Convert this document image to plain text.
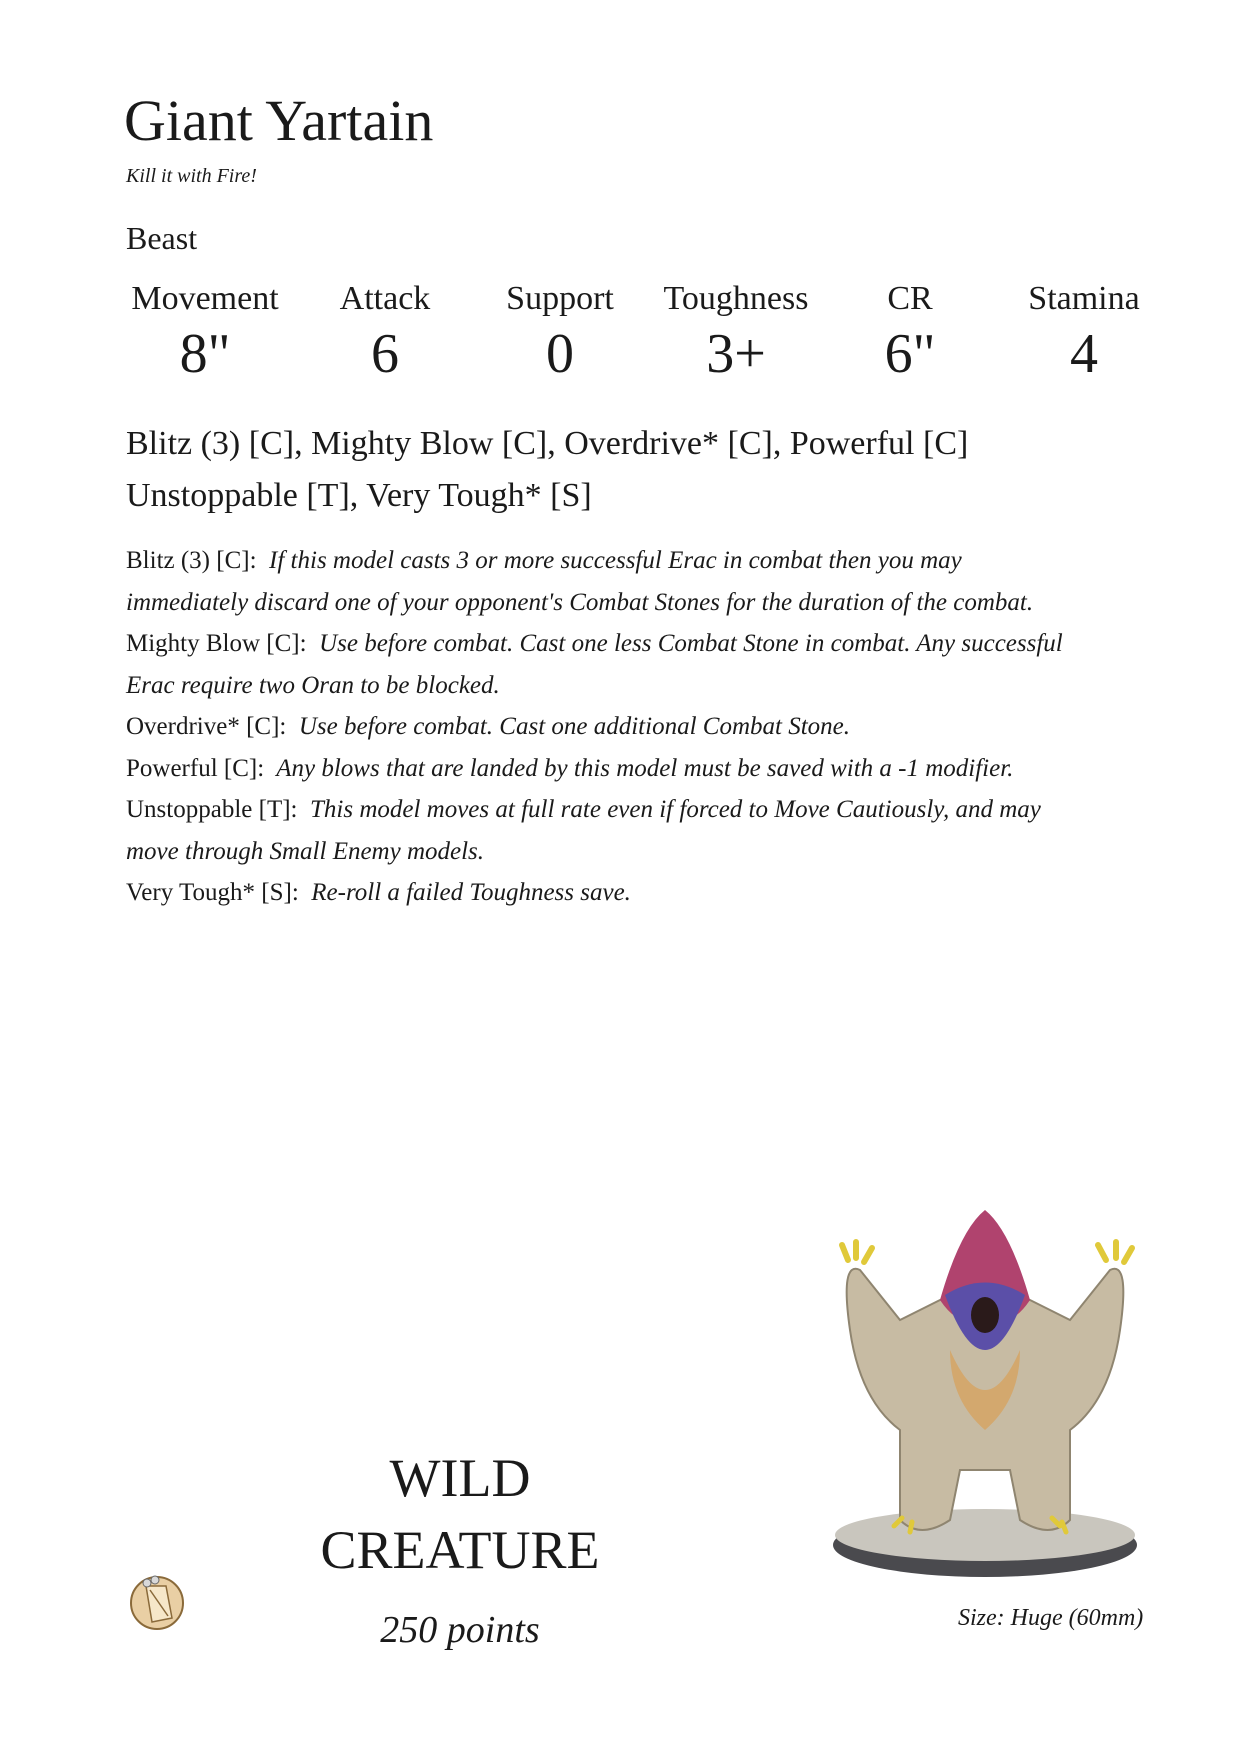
Giant Yartain
Kill it with Fire!
Beast
Movement
8"
Attack
6
Support
0
Toughness
3+
CR
6"
Stamina
4
Blitz (3) [C], Mighty Blow [C], Overdrive* [C], Powerful [C]
Unstoppable [T], Very Tough* [S]

Blitz (3) [C]: If this model casts 3 or more successful Erac in combat then you may immediately discard one of your opponent's Combat Stones for the duration of the combat.

Mighty Blow [C]: Use before combat. Cast one less Combat Stone in combat. Any successful Erac require two Oran to be blocked.

Overdrive* [C]: Use before combat. Cast one additional Combat Stone.

Powerful [C]: Any blows that are landed by this model must be saved with a -1 modifier.

Unstoppable [T]: This model moves at full rate even if forced to Move Cautiously, and may move through Small Enemy models.

Very Tough* [S]: Re-roll a failed Toughness save.

WILD
CREATURE
250 points	Size: Huge (60mm)
